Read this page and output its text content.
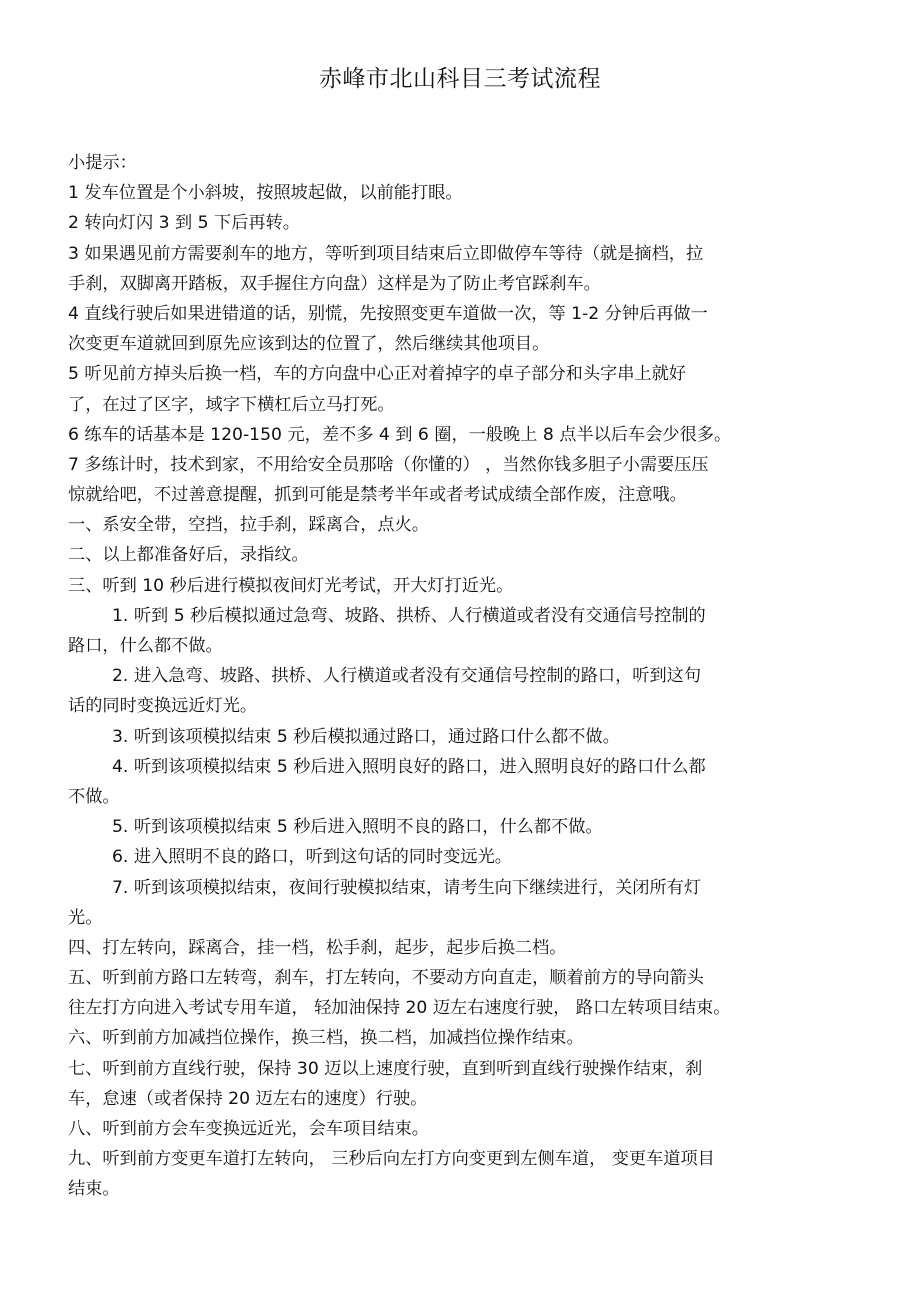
赤峰市北山科目三考试流程
小提示：
1 发车位置是个小斜坡，按照坡起做，以前能打眼。
2 转向灯闪 3 到 5 下后再转。
3 如果遇见前方需要刹车的地方，等听到项目结束后立即做停车等待（就是摘档，拉
手刹，双脚离开踏板，双手握住方向盘）这样是为了防止考官踩刹车。
4 直线行驶后如果进错道的话，别慌，先按照变更车道做一次，等 1-2 分钟后再做一
次变更车道就回到原先应该到达的位置了，然后继续其他项目。
5 听见前方掉头后换一档，车的方向盘中心正对着掉字的卓子部分和头字串上就好
了，在过了区字，域字下横杠后立马打死。
6 练车的话基本是 120-150 元，差不多 4 到 6 圈，一般晚上 8 点半以后车会少很多。
7 多练计时，技术到家，不用给安全员那啥（你懂的） ，当然你钱多胆子小需要压压
惊就给吧，不过善意提醒，抓到可能是禁考半年或者考试成绩全部作废，注意哦。
一、系安全带，空挡，拉手刹，踩离合，点火。
二、以上都准备好后，录指纹。
三、听到 10 秒后进行模拟夜间灯光考试，开大灯打近光。
1. 听到 5 秒后模拟通过急弯、坡路、拱桥、人行横道或者没有交通信号控制的
路口，什么都不做。
2. 进入急弯、坡路、拱桥、人行横道或者没有交通信号控制的路口，听到这句
话的同时变换远近灯光。
3. 听到该项模拟结束 5 秒后模拟通过路口，通过路口什么都不做。
4. 听到该项模拟结束 5 秒后进入照明良好的路口，进入照明良好的路口什么都
不做。
5. 听到该项模拟结束 5 秒后进入照明不良的路口，什么都不做。
6. 进入照明不良的路口，听到这句话的同时变远光。
7. 听到该项模拟结束，夜间行驶模拟结束，请考生向下继续进行，关闭所有灯
光。
四、打左转向，踩离合，挂一档，松手刹，起步，起步后换二档。
五、听到前方路口左转弯，刹车，打左转向，不要动方向直走，顺着前方的导向箭头
往左打方向进入考试专用车道， 轻加油保持 20 迈左右速度行驶， 路口左转项目结束。
六、听到前方加减挡位操作，换三档，换二档，加减挡位操作结束。
七、听到前方直线行驶，保持 30 迈以上速度行驶，直到听到直线行驶操作结束，刹
车，怠速（或者保持 20 迈左右的速度）行驶。
八、听到前方会车变换远近光，会车项目结束。
九、听到前方变更车道打左转向， 三秒后向左打方向变更到左侧车道， 变更车道项目
结束。
